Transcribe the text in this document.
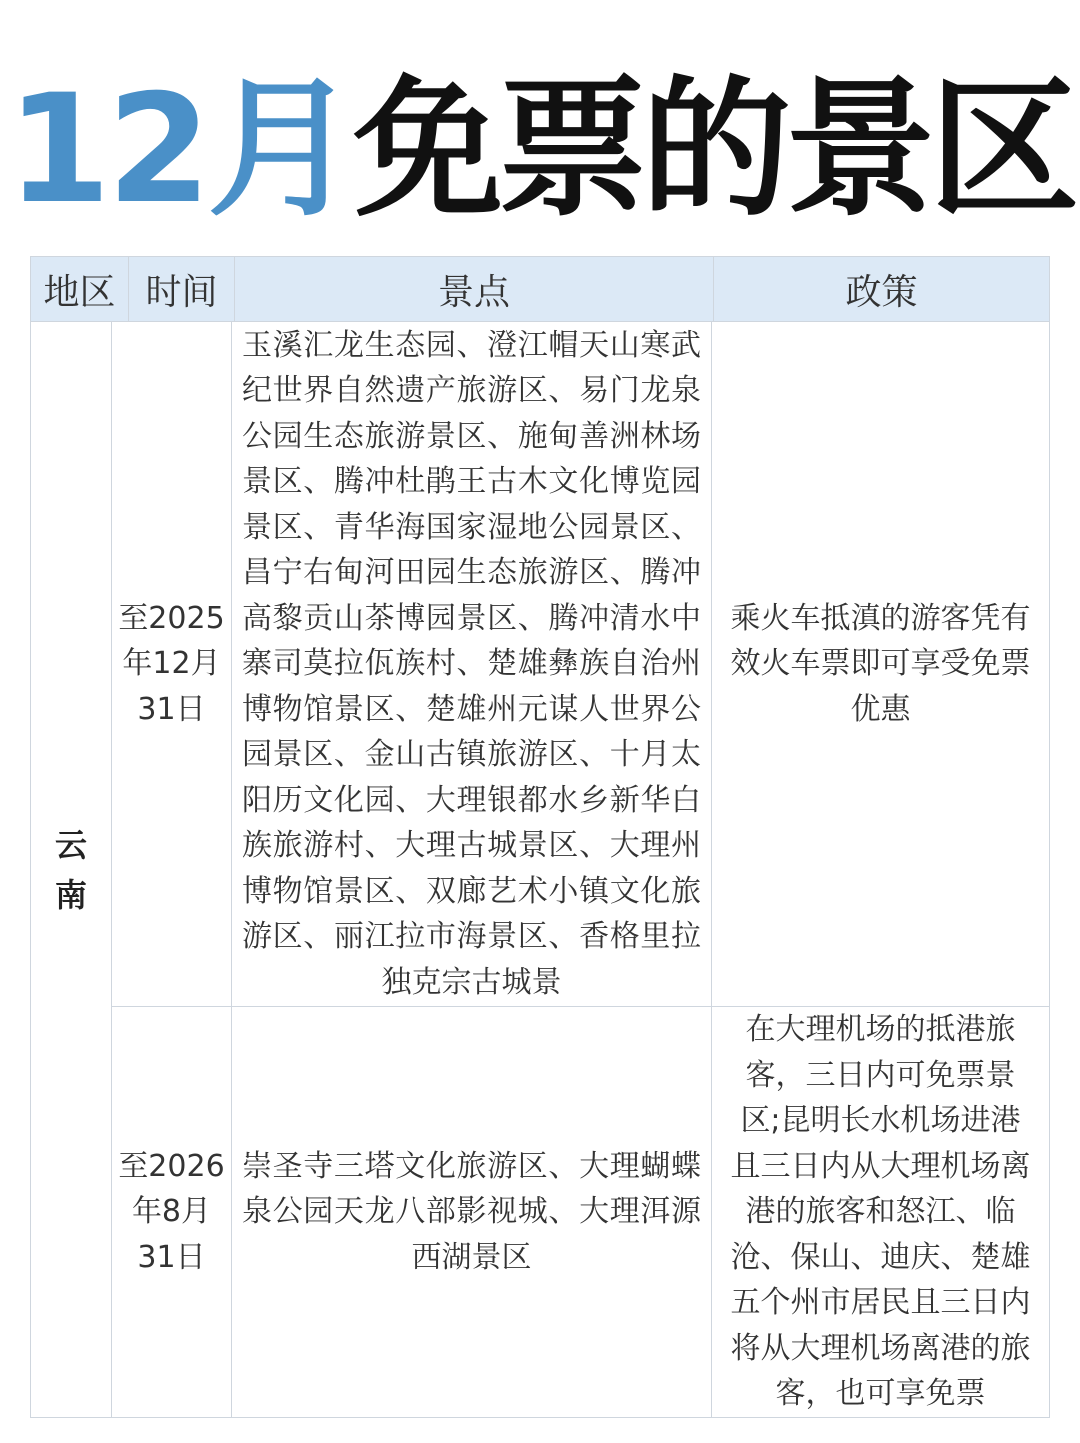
12月免票的景区
地区 时间	景点	政策
云
南
至2025
年12月
31日
玉溪汇龙生态园、澄江帽天山寒武纪世界自然遗产旅游区、易门龙泉公园生态旅游景区、施甸善洲林场景区、腾冲杜鹃王古木文化博览园景区、青华海国家湿地公园景区、昌宁右甸河田园生态旅游区、腾冲高黎贡山茶博园景区、腾冲清水中寨司莫拉佤族村、楚雄彝族自治州博物馆景区、楚雄州元谋人世界公园景区、金山古镇旅游区、十月太阳历文化园、大理银都水乡新华白族旅游村、大理古城景区、大理州博物馆景区、双廊艺术小镇文化旅游区、丽江拉市海景区、香格里拉独克宗古城景
乘火车抵滇的游客凭有效火车票即可享受免票优惠
至2026
年8月
31日
崇圣寺三塔文化旅游区、大理蝴蝶泉公园天龙八部影视城、大理洱源西湖景区
在大理机场的抵港旅客，三日内可免票景区;昆明长水机场进港且三日内从大理机场离港的旅客和怒江、临沧、保山、迪庆、楚雄五个州市居民且三日内将从大理机场离港的旅客，也可享免票
